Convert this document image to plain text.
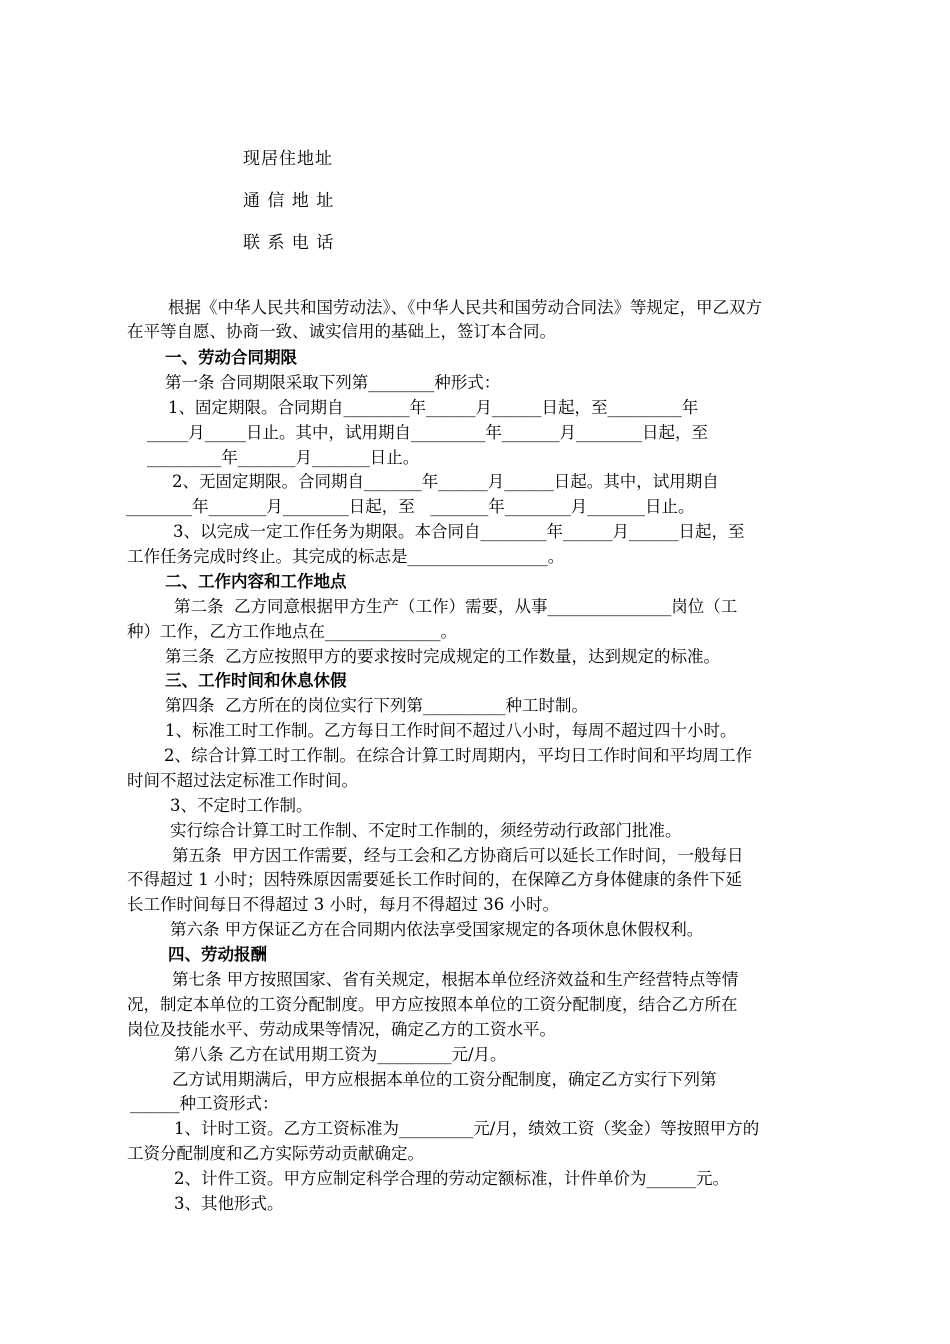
现居住地址
通 信 地 址
联 系 电 话
根据《中华人民共和国劳动法》、《中华人民共和国劳动合同法》等规定，甲乙双方
在平等自愿、协商一致、诚实信用的基础上，签订本合同。
一、劳动合同期限
第一条 合同期限采取下列第________种形式：
1、固定期限。合同期自________年______月______日起，至_________年
_____月_____日止。其中，试用期自_________年_______月________日起，至
_________年_______月_______日止。
2、无固定期限。合同期自_______年______月______日起。其中，试用期自
________年_______月________日起，至   _______年________月_______日止。
3、以完成一定工作任务为期限。本合同自________年______月______日起，至
工作任务完成时终止。其完成的标志是_________________。
二、工作内容和工作地点
第二条  乙方同意根据甲方生产（工作）需要，从事_______________岗位（工
种）工作，乙方工作地点在______________。
第三条  乙方应按照甲方的要求按时完成规定的工作数量，达到规定的标准。
三、工作时间和休息休假
第四条  乙方所在的岗位实行下列第__________种工时制。
1、标准工时工作制。乙方每日工作时间不超过八小时，每周不超过四十小时。
2、综合计算工时工作制。在综合计算工时周期内，平均日工作时间和平均周工作
时间不超过法定标准工作时间。
3、不定时工作制。
实行综合计算工时工作制、不定时工作制的，须经劳动行政部门批准。
第五条  甲方因工作需要，经与工会和乙方协商后可以延长工作时间，一般每日
不得超过 1 小时；因特殊原因需要延长工作时间的，在保障乙方身体健康的条件下延
长工作时间每日不得超过 3 小时，每月不得超过 36 小时。
第六条 甲方保证乙方在合同期内依法享受国家规定的各项休息休假权利。
四、劳动报酬
第七条 甲方按照国家、省有关规定，根据本单位经济效益和生产经营特点等情
况，制定本单位的工资分配制度。甲方应按照本单位的工资分配制度，结合乙方所在
岗位及技能水平、劳动成果等情况，确定乙方的工资水平。
第八条 乙方在试用期工资为_________元/月。
乙方试用期满后，甲方应根据本单位的工资分配制度，确定乙方实行下列第
______种工资形式：
1、计时工资。乙方工资标准为_________元/月，绩效工资（奖金）等按照甲方的
工资分配制度和乙方实际劳动贡献确定。
2、计件工资。甲方应制定科学合理的劳动定额标准，计件单价为______元。
3、其他形式。
